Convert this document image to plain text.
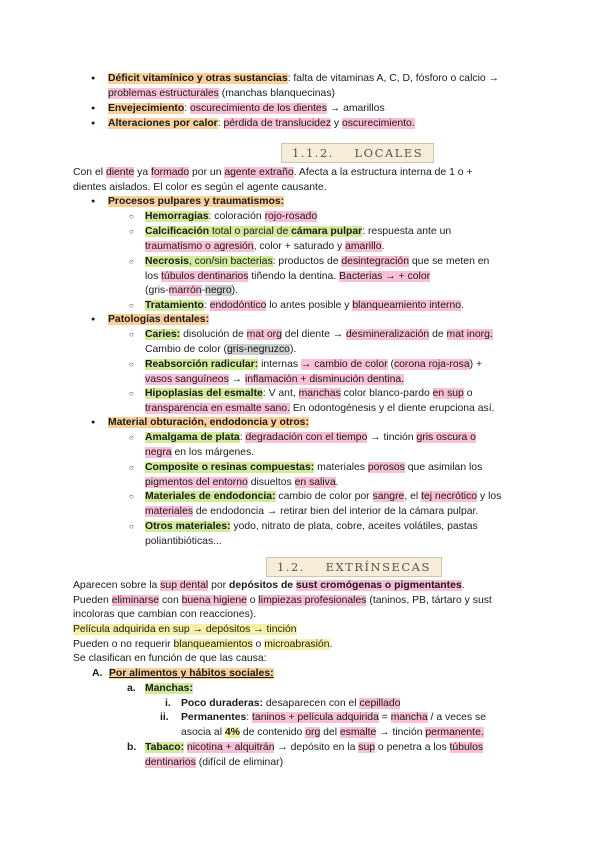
● Déficit vitamínico y otras sustancias: falta de vitaminas A, C, D, fósforo o calcio →
problemas estructurales (manchas blanquecinas)
● Envejecimiento: oscurecimiento de los dientes → amarillos
● Alteraciones por calor: pérdida de translucidez y oscurecimiento.
1.1.2. LOCALES
Con el diente ya formado por un agente extraño. Afecta a la estructura interna de 1 o +
dientes aislados. El color es según el agente causante.
● Procesos pulpares y traumatismos:
○ Hemorragias: coloración rojo-rosado
○ Calcificación total o parcial de cámara pulpar: respuesta ante un
traumatismo o agresión, color + saturado y amarillo.
○ Necrosis, con/sin bacterias: productos de desintegración que se meten en
los túbulos dentinarios tiñendo la dentina. Bacterias → + color
(gris-marrón-negro).
○ Tratamiento: endodóntico lo antes posible y blanqueamiento interno.
● Patologías dentales:
○ Caries: disolución de mat org del diente → desmineralización de mat inorg.
Cambio de color (gris-negruzco).
○ Reabsorción radicular: internas → cambio de color (corona roja-rosa) +
vasos sanguíneos → inflamación + disminución dentina.
○ Hipoplasias del esmalte: V ant, manchas color blanco-pardo en sup o
transparencia en esmalte sano. En odontogénesis y el diente erupciona así.
● Material obturación, endodoncia y otros:
○ Amalgama de plata: degradación con el tiempo → tinción gris oscura o
negra en los márgenes.
○ Composite o resinas compuestas: materiales porosos que asimilan los
pigmentos del entorno disueltos en saliva.
○ Materiales de endodoncia: cambio de color por sangre, el tej necrótico y los
materiales de endodoncia → retirar bien del interior de la cámara pulpar.
○ Otros materiales: yodo, nitrato de plata, cobre, aceites volátiles, pastas
poliantibióticas...
1.2. EXTRÍNSECAS
Aparecen sobre la sup dental por depósitos de sust cromógenas o pigmentantes.
Pueden eliminarse con buena higiene o limpiezas profesionales (taninos, PB, tártaro y sust
incoloras que cambian con reacciones).
Película adquirida en sup → depósitos → tinción
Pueden o no requerir blanqueamientos o microabrasión.
Se clasifican en función de que las causa:
A. Por alimentos y hábitos sociales:
a. Manchas:
i. Poco duraderas: desaparecen con el cepillado
ii. Permanentes: taninos + película adquirida = mancha / a veces se
asocia al 4% de contenido org del esmalte → tinción permanente.
b. Tabaco: nicotina + alquitrán → depósito en la sup o penetra a los túbulos
dentinarios (difícil de eliminar)
